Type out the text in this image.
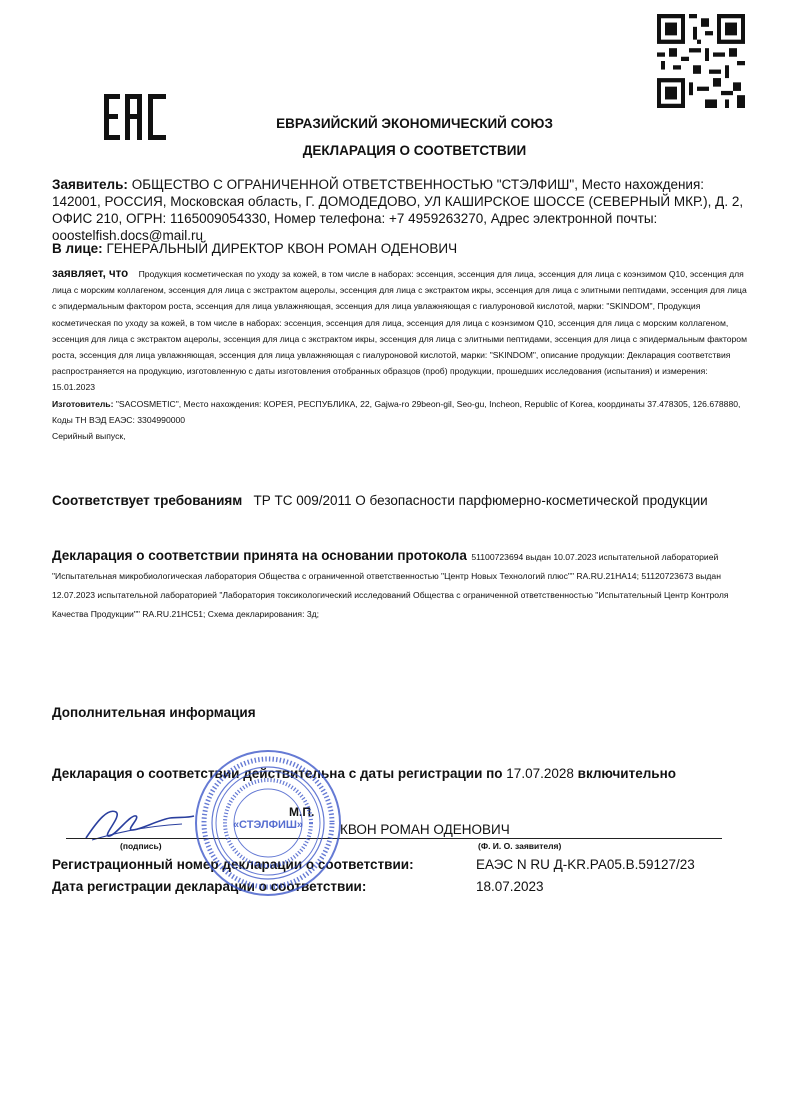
ЕВРАЗИЙСКИЙ ЭКОНОМИЧЕСКИЙ СОЮЗ
ДЕКЛАРАЦИЯ О СООТВЕТСТВИИ
Заявитель: ОБЩЕСТВО С ОГРАНИЧЕННОЙ ОТВЕТСТВЕННОСТЬЮ "СТЭЛФИШ", Место нахождения: 142001, РОССИЯ, Московская область, Г. ДОМОДЕДОВО, УЛ КАШИРСКОЕ ШОССЕ (СЕВЕРНЫЙ МКР.), Д. 2, ОФИС 210, ОГРН: 1165009054330, Номер телефона: +7 4959263270, Адрес электронной почты: ooostelfish.docs@mail.ru
В лице: ГЕНЕРАЛЬНЫЙ ДИРЕКТОР КВОН РОМАН ОДЕНОВИЧ
заявляет, что Продукция косметическая по уходу за кожей, в том числе в наборах: эссенция, эссенция для лица, эссенция для лица с коэнзимом Q10, эссенция для лица с морским коллагеном, эссенция для лица с экстрактом ацеролы, эссенция для лица с экстрактом икры, эссенция для лица с элитными пептидами, эссенция для лица с эпидермальным фактором роста, эссенция для лица увлажняющая, эссенция для лица увлажняющая с гиалуроновой кислотой, марки: "SKINDOM", Продукция косметическая по уходу за кожей, в том числе в наборах: эссенция, эссенция для лица, эссенция для лица с коэнзимом Q10, эссенция для лица с морским коллагеном, эссенция для лица с экстрактом ацеролы, эссенция для лица с экстрактом икры, эссенция для лица с элитными пептидами, эссенция для лица с эпидермальным фактором роста, эссенция для лица увлажняющая, эссенция для лица увлажняющая с гиалуроновой кислотой, марки: "SKINDOM", описание продукции: Декларация соответствия распространяется на продукцию, изготовленную с даты изготовления отобранных образцов (проб) продукции, прошедших исследования (испытания) и измерения: 15.01.2023
Изготовитель: "SACOSMETIC", Место нахождения: КОРЕЯ, РЕСПУБЛИКА, 22, Gajwa-ro 29beon-gil, Seo-gu, Incheon, Republic of Korea, координаты 37.478305, 126.678880,
Коды ТН ВЭД ЕАЭС: 3304990000
Серийный выпуск,
Соответствует требованиям ТР ТС 009/2011 О безопасности парфюмерно-косметической продукции
Декларация о соответствии принята на основании протокола 51100723694 выдан 10.07.2023 испытательной лабораторией "Испытательная микробиологическая лаборатория Общества с ограниченной ответственностью "Центр Новых Технологий плюс"" RA.RU.21HA14; 51120723673 выдан 12.07.2023 испытательной лабораторией "Лаборатория токсикологический исследований Общества с ограниченной ответственностью "Испытательный Центр Контроля Качества Продукции"" RA.RU.21HC51; Схема декларирования: 3д;
Дополнительная информация
Декларация о соответствии действительна с даты регистрации по 17.07.2028 включительно
М.П.
КВОН РОМАН ОДЕНОВИЧ
(подпись)	(Ф. И. О. заявителя)
Регистрационный номер декларации о соответствии:	ЕАЭС N RU Д-KR.РА05.В.59127/23
Дата регистрации декларации о соответствии:	18.07.2023
«СТЭЛФИШ»
